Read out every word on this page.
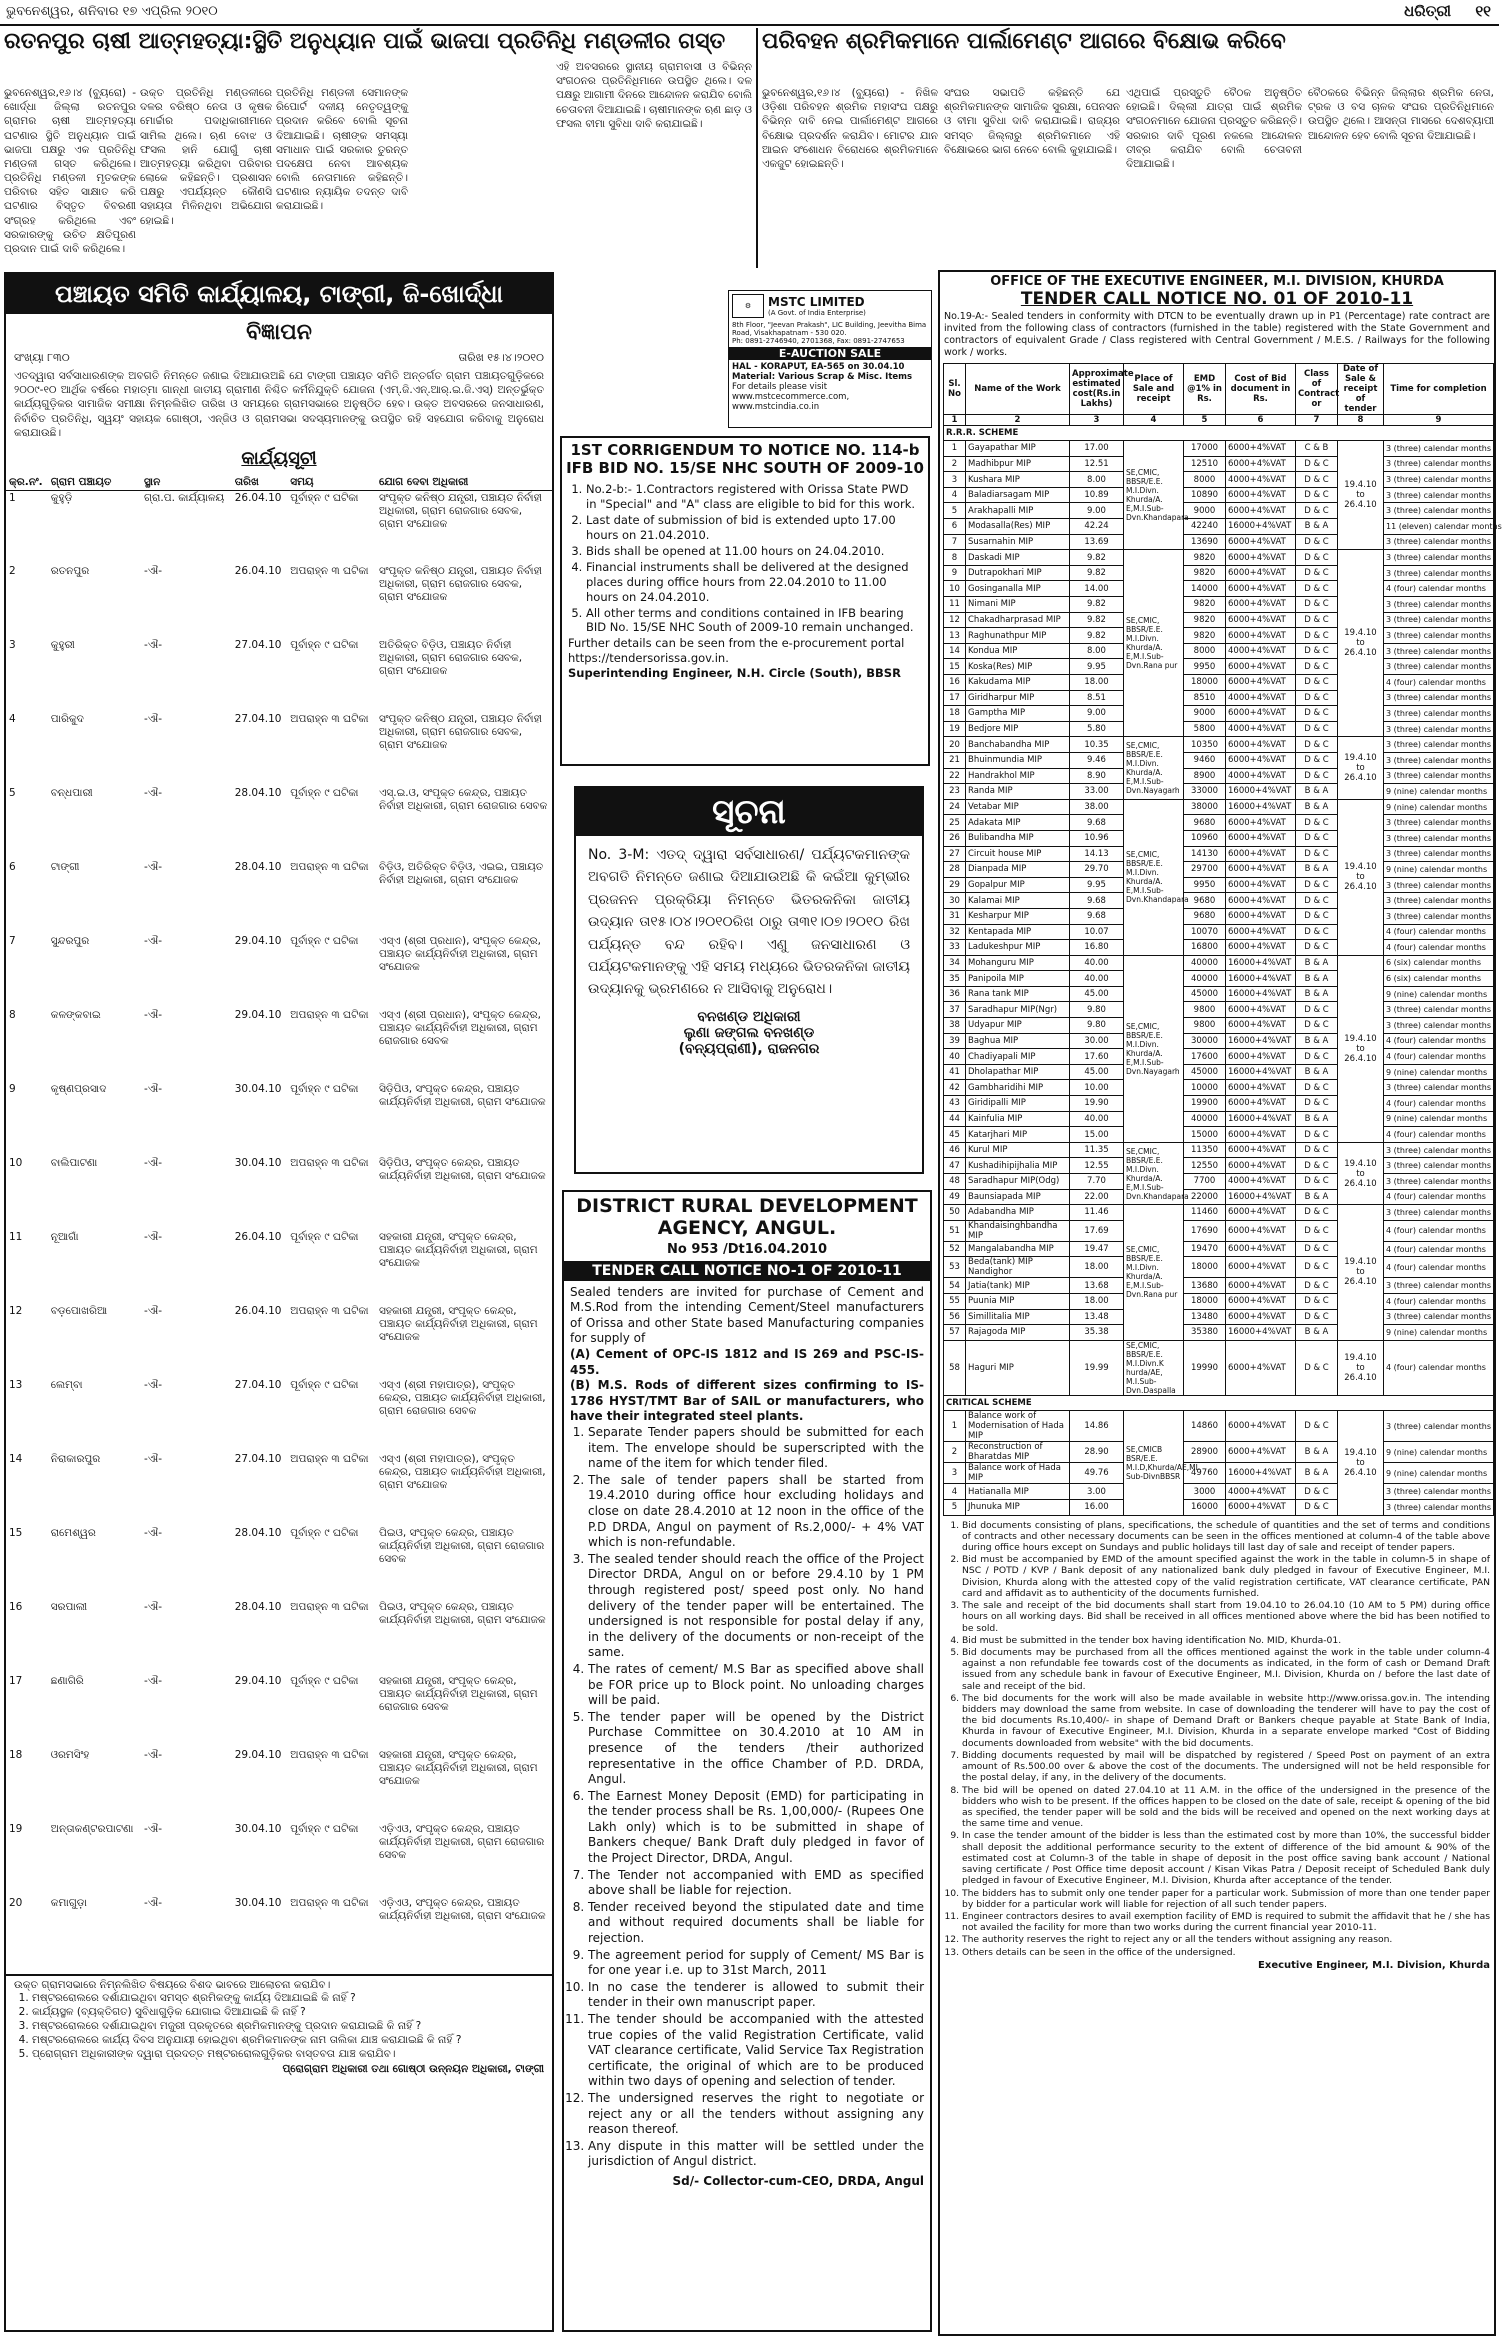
ଭୁବନେଶ୍ୱର, ଶନିବାର ୧୭ ଏପ୍ରିଲ ୨୦୧୦	ଧରିତ୍ରୀ ୧୧
ରତନପୁର ଚାଷୀ ଆତ୍ମହତ୍ୟା:ସ୍ଥିତି ଅନୁଧ୍ୟାନ ପାଇଁ ଭାଜପା ପ୍ରତିନିଧି ମଣ୍ଡଳୀର ଗସ୍ତ
ଭୁବନେଶ୍ୱର,୧୬।୪ (ବ୍ୟୁରୋ) - ଖୋର୍ଦ୍ଧା ଜିଲ୍ଲା ରତନପୁର ଗ୍ରାମର ଚାଷୀ ଆତ୍ମହତ୍ୟା ଘଟଣାର ସ୍ଥିତି ଅନୁଧ୍ୟାନ ପାଇଁ ଭାଜପା ପକ୍ଷରୁ ଏକ ପ୍ରତିନିଧି ମଣ୍ଡଳୀ ଗସ୍ତ କରିଥିଲେ। ପ୍ରତିନିଧି ମଣ୍ଡଳୀ ମୃତକଙ୍କ ପରିବାର ସହିତ ସାକ୍ଷାତ କରି ଘଟଣାର ବିସ୍ତୃତ ବିବରଣୀ ସଂଗ୍ରହ କରିଥିଲେ ଏବଂ ସରକାରଙ୍କୁ ଉଚିତ କ୍ଷତିପୂରଣ ପ୍ରଦାନ ପାଇଁ ଦାବି କରିଥିଲେ।
ଉକ୍ତ ପ୍ରତିନିଧି ମଣ୍ଡଳୀରେ ଦଳର ବରିଷ୍ଠ ନେତା ଓ କୃଷକ ମୋର୍ଚ୍ଚାର ପଦାଧିକାରୀମାନେ ସାମିଲ ଥିଲେ। ଋଣ ବୋଝ ଓ ଫସଲ ହାନି ଯୋଗୁଁ ଚାଷୀ ଆତ୍ମହତ୍ୟା କରିଥିବା ପରିବାର ଲୋକେ କହିଛନ୍ତି। ପ୍ରଶାସନ ପକ୍ଷରୁ ଏପର୍ଯ୍ୟନ୍ତ କୌଣସି ସହାୟତା ମିଳିନଥିବା ଅଭିଯୋଗ ହୋଇଛି।
ପ୍ରତିନିଧି ମଣ୍ଡଳୀ ସେମାନଙ୍କ ରିପୋର୍ଟ ଦଳୀୟ ନେତୃତ୍ୱଙ୍କୁ ପ୍ରଦାନ କରିବେ ବୋଲି ସୂଚନା ଦିଆଯାଇଛି। ଚାଷୀଙ୍କ ସମସ୍ୟା ସମାଧାନ ପାଇଁ ସରକାର ତୁରନ୍ତ ପଦକ୍ଷେପ ନେବା ଆବଶ୍ୟକ ବୋଲି ନେତାମାନେ କହିଛନ୍ତି। ଘଟଣାର ନ୍ୟାୟିକ ତଦନ୍ତ ଦାବି କରାଯାଇଛି।
ଏହି ଅବସରରେ ସ୍ଥାନୀୟ ଗ୍ରାମବାସୀ ଓ ବିଭିନ୍ନ ସଂଗଠନର ପ୍ରତିନିଧିମାନେ ଉପସ୍ଥିତ ଥିଲେ। ଦଳ ପକ୍ଷରୁ ଆଗାମୀ ଦିନରେ ଆନ୍ଦୋଳନ କରାଯିବ ବୋଲି ଚେତାବନୀ ଦିଆଯାଇଛି। ଚାଷୀମାନଙ୍କ ଋଣ ଛାଡ଼ ଓ ଫସଲ ବୀମା ସୁବିଧା ଦାବି କରାଯାଇଛି।
ପରିବହନ ଶ୍ରମିକମାନେ ପାର୍ଲାମେଣ୍ଟ ଆଗରେ ବିକ୍ଷୋଭ କରିବେ
ଭୁବନେଶ୍ୱର,୧୬।୪ (ବ୍ୟୁରୋ) - ନିଖିଳ ଓଡ଼ିଶା ପରିବହନ ଶ୍ରମିକ ମହାସଂଘ ପକ୍ଷରୁ ବିଭିନ୍ନ ଦାବି ନେଇ ପାର୍ଲାମେଣ୍ଟ ଆଗରେ ବିକ୍ଷୋଭ ପ୍ରଦର୍ଶନ କରାଯିବ। ମୋଟର ଯାନ ଆଇନ ସଂଶୋଧନ ବିରୋଧରେ ଶ୍ରମିକମାନେ ଏକଜୁଟ ହୋଇଛନ୍ତି।
ସଂଘର ସଭାପତି କହିଛନ୍ତି ଯେ ଶ୍ରମିକମାନଙ୍କ ସାମାଜିକ ସୁରକ୍ଷା, ପେନସନ ଓ ବୀମା ସୁବିଧା ଦାବି କରାଯାଇଛି। ରାଜ୍ୟର ସମସ୍ତ ଜିଲ୍ଲାରୁ ଶ୍ରମିକମାନେ ଏହି ବିକ୍ଷୋଭରେ ଭାଗ ନେବେ ବୋଲି କୁହାଯାଇଛି।
ଏଥିପାଇଁ ପ୍ରସ୍ତୁତି ବୈଠକ ଅନୁଷ୍ଠିତ ହୋଇଛି। ଦିଲ୍ଲୀ ଯାତ୍ରା ପାଇଁ ଶ୍ରମିକ ସଂଗଠନମାନେ ଯୋଜନା ପ୍ରସ୍ତୁତ କରିଛନ୍ତି। ସରକାର ଦାବି ପୂରଣ ନକଲେ ଆନ୍ଦୋଳନ ତୀବ୍ର କରାଯିବ ବୋଲି ଚେତାବନୀ ଦିଆଯାଇଛି।
ବୈଠକରେ ବିଭିନ୍ନ ଜିଲ୍ଲାର ଶ୍ରମିକ ନେତା, ଟ୍ରକ ଓ ବସ ଚାଳକ ସଂଘର ପ୍ରତିନିଧିମାନେ ଉପସ୍ଥିତ ଥିଲେ। ଆସନ୍ତା ମାସରେ ଦେଶବ୍ୟାପୀ ଆନ୍ଦୋଳନ ହେବ ବୋଲି ସୂଚନା ଦିଆଯାଇଛି।
ପଞ୍ଚାୟତ ସମିତି କାର୍ଯ୍ୟାଳୟ, ଟାଙ୍ଗୀ, ଜି-ଖୋର୍ଦ୍ଧା
ବିଜ୍ଞାପନ
ସଂଖ୍ୟା ୮୩୦	ତାରିଖ ୧୫।୪।୨୦୧୦
ଏତଦ୍ୱାରା ସର୍ବସାଧାରଣଙ୍କ ଅବଗତି ନିମନ୍ତେ ଜଣାଇ ଦିଆଯାଉଅଛି ଯେ ଟାଙ୍ଗୀ ପଞ୍ଚାୟତ ସମିତି ଅନ୍ତର୍ଗତ ଗ୍ରାମ ପଞ୍ଚାୟତଗୁଡ଼ିକରେ ୨୦୦୯-୧୦ ଆର୍ଥିକ ବର୍ଷରେ ମହାତ୍ମା ଗାନ୍ଧୀ ଜାତୀୟ ଗ୍ରାମୀଣ ନିଶ୍ଚିତ କର୍ମନିଯୁକ୍ତି ଯୋଜନା (ଏମ୍.ଜି.ଏନ୍.ଆର୍.ଇ.ଜି.ଏସ୍) ଅନ୍ତର୍ଭୁକ୍ତ କାର୍ଯ୍ୟଗୁଡ଼ିକର ସାମାଜିକ ସମୀକ୍ଷା ନିମ୍ନଲିଖିତ ତାରିଖ ଓ ସମୟରେ ଗ୍ରାମସଭାରେ ଅନୁଷ୍ଠିତ ହେବ। ଉକ୍ତ ଅବସରରେ ଜନସାଧାରଣ, ନିର୍ବାଚିତ ପ୍ରତିନିଧି, ସ୍ୱୟଂ ସହାୟକ ଗୋଷ୍ଠୀ, ଏନ୍‌ଜିଓ ଓ ଗ୍ରାମସଭା ସଦସ୍ୟମାନଙ୍କୁ ଉପସ୍ଥିତ ରହି ସହଯୋଗ କରିବାକୁ ଅନୁରୋଧ କରାଯାଉଛି।
କାର୍ଯ୍ୟସୂଚୀ
କ୍ର.ନଂ.	ଗ୍ରାମ ପଞ୍ଚାୟତ	ସ୍ଥାନ	ତାରିଖ	ସମୟ	ଯୋଗ ଦେବା ଅଧିକାରୀ
1	କୁହୁଡ଼ି	ଗ୍ରା.ପ. କାର୍ଯ୍ୟାଳୟ	26.04.10	ପୂର୍ବାହ୍ନ ୯ ଘଟିକା	ସଂପୃକ୍ତ କନିଷ୍ଠ ଯନ୍ତ୍ରୀ, ପଞ୍ଚାୟତ ନିର୍ବାହୀ ଅଧିକାରୀ, ଗ୍ରାମ ରୋଜଗାର ସେବକ, ଗ୍ରାମ ସଂଯୋଜକ
2	ରତନପୁର	-ଐ-	26.04.10	ଅପରାହ୍ନ ୩ ଘଟିକା	ସଂପୃକ୍ତ କନିଷ୍ଠ ଯନ୍ତ୍ରୀ, ପଞ୍ଚାୟତ ନିର୍ବାହୀ ଅଧିକାରୀ, ଗ୍ରାମ ରୋଜଗାର ସେବକ, ଗ୍ରାମ ସଂଯୋଜକ
3	କୁହୁରୀ	-ଐ-	27.04.10	ପୂର୍ବାହ୍ନ ୯ ଘଟିକା	ଅତିରିକ୍ତ ବିଡ଼ିଓ, ପଞ୍ଚାୟତ ନିର୍ବାହୀ ଅଧିକାରୀ, ଗ୍ରାମ ରୋଜଗାର ସେବକ, ଗ୍ରାମ ସଂଯୋଜକ
4	ପାରିକୁଦ	-ଐ-	27.04.10	ଅପରାହ୍ନ ୩ ଘଟିକା	ସଂପୃକ୍ତ କନିଷ୍ଠ ଯନ୍ତ୍ରୀ, ପଞ୍ଚାୟତ ନିର୍ବାହୀ ଅଧିକାରୀ, ଗ୍ରାମ ରୋଜଗାର ସେବକ, ଗ୍ରାମ ସଂଯୋଜକ
5	ବନ୍ଧପାରୀ	-ଐ-	28.04.10	ପୂର୍ବାହ୍ନ ୯ ଘଟିକା	ଏସ୍.ଇ.ଓ, ସଂପୃକ୍ତ କେନ୍ଦ୍ର, ପଞ୍ଚାୟତ ନିର୍ବାହୀ ଅଧିକାରୀ, ଗ୍ରାମ ରୋଜଗାର ସେବକ
6	ଟାଙ୍ଗୀ	-ଐ-	28.04.10	ଅପରାହ୍ନ ୩ ଘଟିକା	ବିଡ଼ିଓ, ଅତିରିକ୍ତ ବିଡ଼ିଓ, ଏଇଇ, ପଞ୍ଚାୟତ ନିର୍ବାହୀ ଅଧିକାରୀ, ଗ୍ରାମ ସଂଯୋଜକ
7	ସୁନ୍ଦରପୁର	-ଐ-	29.04.10	ପୂର୍ବାହ୍ନ ୯ ଘଟିକା	ଏସ୍ଏ (ଶ୍ରୀ ପ୍ରଧାନ), ସଂପୃକ୍ତ କେନ୍ଦ୍ର, ପଞ୍ଚାୟତ କାର୍ଯ୍ୟନିର୍ବାହୀ ଅଧିକାରୀ, ଗ୍ରାମ ସଂଯୋଜକ
8	କଳଙ୍କବାଇ	-ଐ-	29.04.10	ଅପରାହ୍ନ ୩ ଘଟିକା	ଏସ୍ଏ (ଶ୍ରୀ ପ୍ରଧାନ), ସଂପୃକ୍ତ କେନ୍ଦ୍ର, ପଞ୍ଚାୟତ କାର୍ଯ୍ୟନିର୍ବାହୀ ଅଧିକାରୀ, ଗ୍ରାମ ରୋଜଗାର ସେବକ
9	କୃଷ୍ଣପ୍ରସାଦ	-ଐ-	30.04.10	ପୂର୍ବାହ୍ନ ୯ ଘଟିକା	ସିଡ଼ିପିଓ, ସଂପୃକ୍ତ କେନ୍ଦ୍ର, ପଞ୍ଚାୟତ କାର୍ଯ୍ୟନିର୍ବାହୀ ଅଧିକାରୀ, ଗ୍ରାମ ସଂଯୋଜକ
10	ବାଲିପାଟଣା	-ଐ-	30.04.10	ଅପରାହ୍ନ ୩ ଘଟିକା	ସିଡ଼ିପିଓ, ସଂପୃକ୍ତ କେନ୍ଦ୍ର, ପଞ୍ଚାୟତ କାର୍ଯ୍ୟନିର୍ବାହୀ ଅଧିକାରୀ, ଗ୍ରାମ ସଂଯୋଜକ
11	ନୂଆଗାଁ	-ଐ-	26.04.10	ପୂର୍ବାହ୍ନ ୯ ଘଟିକା	ସହକାରୀ ଯନ୍ତ୍ରୀ, ସଂପୃକ୍ତ କେନ୍ଦ୍ର, ପଞ୍ଚାୟତ କାର୍ଯ୍ୟନିର୍ବାହୀ ଅଧିକାରୀ, ଗ୍ରାମ ସଂଯୋଜକ
12	ବଡ଼ପୋଖରିଆ	-ଐ-	26.04.10	ଅପରାହ୍ନ ୩ ଘଟିକା	ସହକାରୀ ଯନ୍ତ୍ରୀ, ସଂପୃକ୍ତ କେନ୍ଦ୍ର, ପଞ୍ଚାୟତ କାର୍ଯ୍ୟନିର୍ବାହୀ ଅଧିକାରୀ, ଗ୍ରାମ ସଂଯୋଜକ
13	ଲେମ୍ବା	-ଐ-	27.04.10	ପୂର୍ବାହ୍ନ ୯ ଘଟିକା	ଏସ୍ଏ (ଶ୍ରୀ ମହାପାତ୍ର), ସଂପୃକ୍ତ କେନ୍ଦ୍ର, ପଞ୍ଚାୟତ କାର୍ଯ୍ୟନିର୍ବାହୀ ଅଧିକାରୀ, ଗ୍ରାମ ରୋଜଗାର ସେବକ
14	ନିରାକାରପୁର	-ଐ-	27.04.10	ଅପରାହ୍ନ ୩ ଘଟିକା	ଏସ୍ଏ (ଶ୍ରୀ ମହାପାତ୍ର), ସଂପୃକ୍ତ କେନ୍ଦ୍ର, ପଞ୍ଚାୟତ କାର୍ଯ୍ୟନିର୍ବାହୀ ଅଧିକାରୀ, ଗ୍ରାମ ସଂଯୋଜକ
15	ରାମେଶ୍ୱର	-ଐ-	28.04.10	ପୂର୍ବାହ୍ନ ୯ ଘଟିକା	ପିଇଓ, ସଂପୃକ୍ତ କେନ୍ଦ୍ର, ପଞ୍ଚାୟତ କାର୍ଯ୍ୟନିର୍ବାହୀ ଅଧିକାରୀ, ଗ୍ରାମ ରୋଜଗାର ସେବକ
16	ସରପାଲୀ	-ଐ-	28.04.10	ଅପରାହ୍ନ ୩ ଘଟିକା	ପିଇଓ, ସଂପୃକ୍ତ କେନ୍ଦ୍ର, ପଞ୍ଚାୟତ କାର୍ଯ୍ୟନିର୍ବାହୀ ଅଧିକାରୀ, ଗ୍ରାମ ସଂଯୋଜକ
17	ଛଣାଗିରି	-ଐ-	29.04.10	ପୂର୍ବାହ୍ନ ୯ ଘଟିକା	ସହକାରୀ ଯନ୍ତ୍ରୀ, ସଂପୃକ୍ତ କେନ୍ଦ୍ର, ପଞ୍ଚାୟତ କାର୍ଯ୍ୟନିର୍ବାହୀ ଅଧିକାରୀ, ଗ୍ରାମ ରୋଜଗାର ସେବକ
18	ଓରମସିଂହ	-ଐ-	29.04.10	ଅପରାହ୍ନ ୩ ଘଟିକା	ସହକାରୀ ଯନ୍ତ୍ରୀ, ସଂପୃକ୍ତ କେନ୍ଦ୍ର, ପଞ୍ଚାୟତ କାର୍ଯ୍ୟନିର୍ବାହୀ ଅଧିକାରୀ, ଗ୍ରାମ ସଂଯୋଜକ
19	ଅନ୍ତାକଣ୍ଟରପାଟଣା	-ଐ-	30.04.10	ପୂର୍ବାହ୍ନ ୯ ଘଟିକା	ଏଡ଼ିଏଓ, ସଂପୃକ୍ତ କେନ୍ଦ୍ର, ପଞ୍ଚାୟତ କାର୍ଯ୍ୟନିର୍ବାହୀ ଅଧିକାରୀ, ଗ୍ରାମ ରୋଜଗାର ସେବକ
20	କମାଗୁଡ଼ା	-ଐ-	30.04.10	ଅପରାହ୍ନ ୩ ଘଟିକା	ଏଡ଼ିଏଓ, ସଂପୃକ୍ତ କେନ୍ଦ୍ର, ପଞ୍ଚାୟତ କାର୍ଯ୍ୟନିର୍ବାହୀ ଅଧିକାରୀ, ଗ୍ରାମ ସଂଯୋଜକ
ଉକ୍ତ ଗ୍ରାମସଭାରେ ନିମ୍ନଲିଖିତ ବିଷୟରେ ବିଶଦ ଭାବରେ ଆଲୋଚନା କରାଯିବ।
1. ମଷ୍ଟରରୋଲରେ ଦର୍ଶାଯାଇଥିବା ସମସ୍ତ ଶ୍ରମିକଙ୍କୁ କାର୍ଯ୍ୟ ଦିଆଯାଇଛି କି ନାହିଁ ?
2. କାର୍ଯ୍ୟସ୍ଥଳ (ବ୍ୟକ୍ତିଗତ) ସୁବିଧାଗୁଡ଼ିକ ଯୋଗାଇ ଦିଆଯାଇଛି କି ନାହିଁ ?
3. ମଷ୍ଟରରୋଲରେ ଦର୍ଶାଯାଇଥିବା ମଜୁରୀ ପ୍ରକୃତରେ ଶ୍ରମିକମାନଙ୍କୁ ପ୍ରଦାନ କରାଯାଇଛି କି ନାହିଁ ?
4. ମଷ୍ଟରରୋଲରେ କାର୍ଯ୍ୟ ଦିବସ ଅନୁଯାୟୀ ହୋଇଥିବା ଶ୍ରମିକମାନଙ୍କ ନାମ ତାଲିକା ଯାଞ୍ଚ କରାଯାଇଛି କି ନାହିଁ ?
5. ପ୍ରୋଗ୍ରାମ ଅଧିକାରୀଙ୍କ ଦ୍ୱାରା ପ୍ରଦତ୍ତ ମଷ୍ଟରରୋଲଗୁଡ଼ିକର ବାସ୍ତବତା ଯାଞ୍ଚ କରାଯିବ।
ପ୍ରୋଗ୍ରାମ ଅଧିକାରୀ ତଥା ଗୋଷ୍ଠୀ ଉନ୍ନୟନ ଅଧିକାରୀ, ଟାଙ୍ଗୀ
⚙	MSTC LIMITED
(A Govt. of India Enterprise)
8th Floor, "Jeevan Prakash", LIC Building, Jeevitha Bima Road, Visakhapatnam - 530 020.
Ph: 0891-2746940, 2701368, Fax: 0891-2747653
E-AUCTION SALE
HAL - KORAPUT, EA-565 on 30.04.10 Material: Various Scrap & Misc. Items
For details please visit www.mstcecommerce.com, www.mstcindia.co.in
1ST CORRIGENDUM TO NOTICE NO. 114-b IFB BID NO. 15/SE NHC SOUTH OF 2009-10
1. No.2-b:- 1.Contractors registered with Orissa State PWD in "Special" and "A" class are eligible to bid for this work.
2. Last date of submission of bid is extended upto 17.00 hours on 21.04.2010.
3. Bids shall be opened at 11.00 hours on 24.04.2010.
4. Financial instruments shall be delivered at the designed places during office hours from 22.04.2010 to 11.00 hours on 24.04.2010.
5. All other terms and conditions contained in IFB bearing BID No. 15/SE NHC South of 2009-10 remain unchanged.
Further details can be seen from the e-procurement portal https://tendersorissa.gov.in.
Superintending Engineer, N.H. Circle (South), BBSR
ସୂଚନା
No. 3-M: ଏତଦ୍ ଦ୍ୱାରା ସର୍ବସାଧାରଣ/ ପର୍ଯ୍ୟଟକମାନଙ୍କ ଅବଗତି ନିମନ୍ତେ ଜଣାଇ ଦିଆଯାଉଅଛି କି କଇଁଆ କୁମ୍ଭୀର ପ୍ରଜନନ ପ୍ରକ୍ରିୟା ନିମନ୍ତେ ଭିତରକନିକା ଜାତୀୟ ଉଦ୍ୟାନ ତା୧୫।୦୪।୨୦୧୦ରିଖ ଠାରୁ ତା୩୧।୦୭।୨୦୧୦ ରିଖ ପର୍ଯ୍ୟନ୍ତ ବନ୍ଦ ରହିବ। ଏଣୁ ଜନସାଧାରଣ ଓ ପର୍ଯ୍ୟଟକମାନଙ୍କୁ ଏହି ସମୟ ମଧ୍ୟରେ ଭିତରକନିକା ଜାତୀୟ ଉଦ୍ୟାନକୁ ଭ୍ରମଣରେ ନ ଆସିବାକୁ ଅନୁରୋଧ।
ବନଖଣ୍ଡ ଅଧିକାରୀ
ଲୁଣା ଜଙ୍ଗଲ ବନଖଣ୍ଡ
(ବନ୍ୟପ୍ରାଣୀ), ରାଜନଗର
DISTRICT RURAL DEVELOPMENT AGENCY, ANGUL.
No 953 /Dt16.04.2010
TENDER CALL NOTICE NO-1 OF 2010-11
Sealed tenders are invited for purchase of Cement and M.S.Rod from the intending Cement/Steel manufacturers of Orissa and other State based Manufacturing companies for supply of
(A) Cement of OPC-IS 1812 and IS 269 and PSC-IS-455.
(B) M.S. Rods of different sizes confirming to IS-1786 HYST/TMT Bar of SAIL or manufacturers, who have their integrated steel plants.
1. Separate Tender papers should be submitted for each item. The envelope should be superscripted with the name of the item for which tender filed.
2. The sale of tender papers shall be started from 19.4.2010 during office hour excluding holidays and close on date 28.4.2010 at 12 noon in the office of the P.D DRDA, Angul on payment of Rs.2,000/- + 4% VAT which is non-refundable.
3. The sealed tender should reach the office of the Project Director DRDA, Angul on or before 29.4.10 by 1 PM through registered post/ speed post only. No hand delivery of the tender paper will be entertained. The undersigned is not responsible for postal delay if any, in the delivery of the documents or non-receipt of the same.
4. The rates of cement/ M.S Bar as specified above shall be FOR price up to Block point. No unloading charges will be paid.
5. The tender paper will be opened by the District Purchase Committee on 30.4.2010 at 10 AM in presence of the tenders /their authorized representative in the office Chamber of P.D. DRDA, Angul.
6. The Earnest Money Deposit (EMD) for participating in the tender process shall be Rs. 1,00,000/- (Rupees One Lakh only) which is to be submitted in shape of Bankers cheque/ Bank Draft duly pledged in favor of the Project Director, DRDA, Angul.
7. The Tender not accompanied with EMD as specified above shall be liable for rejection.
8. Tender received beyond the stipulated date and time and without required documents shall be liable for rejection.
9. The agreement period for supply of Cement/ MS Bar is for one year i.e. up to 31st March, 2011
10. In no case the tenderer is allowed to submit their tender in their own manuscript paper.
11. The tender should be accompanied with the attested true copies of the valid Registration Certificate, valid VAT clearance certificate, Valid Service Tax Registration certificate, the original of which are to be produced within two days of opening and selection of tender.
12. The undersigned reserves the right to negotiate or reject any or all the tenders without assigning any reason thereof.
13. Any dispute in this matter will be settled under the jurisdiction of Angul district.
Sd/- Collector-cum-CEO, DRDA, Angul
OFFICE OF THE EXECUTIVE ENGINEER, M.I. DIVISION, KHURDA
TENDER CALL NOTICE NO. 01 OF 2010-11
No.19-A:- Sealed tenders in conformity with DTCN to be eventually drawn up in P1 (Percentage) rate contract are invited from the following class of contractors (furnished in the table) registered with the State Government and contractors of equivalent Grade / Class registered with Central Government / M.E.S. / Railways for the following work / works.
Sl. No	Name of the Work	Approximate estimated cost(Rs.in Lakhs)	Place of Sale and receipt	EMD @1% in Rs.	Cost of Bid document in Rs.	Class of Contract or	Date of Sale & receipt of tender	Time for completion
1	2	3	4	5	6	7	8	9
R.R.R. SCHEME								
1	Gayapathar MIP	17.00	SE,CMIC, BBSR/E.E. M.I.Divn. Khurda/A. E,M.I.Sub-Dvn.Khandapara	17000	6000+4%VAT	C & B	19.4.10 to 26.4.10	3 (three) calendar months
2	Madhibpur MIP	12.51		12510	6000+4%VAT	D & C		3 (three) calendar months
3	Kushara MIP	8.00		8000	4000+4%VAT	D & C		3 (three) calendar months
4	Baladiarsagam MIP	10.89		10890	6000+4%VAT	D & C		3 (three) calendar months
5	Arakhapalli MIP	9.00		9000	6000+4%VAT	D & C		3 (three) calendar months
6	Modasalla(Res) MIP	42.24		42240	16000+4%VAT	B & A		11 (eleven) calendar months
7	Susarnahin MIP	13.69		13690	6000+4%VAT	D & C		3 (three) calendar months
8	Daskadi MIP	9.82	SE,CMIC, BBSR/E.E. M.I.Divn. Khurda/A. E,M.I.Sub-Dvn.Rana pur	9820	6000+4%VAT	D & C	19.4.10 to 26.4.10	3 (three) calendar months
9	Dutrapokhari MIP	9.82		9820	6000+4%VAT	D & C		3 (three) calendar months
10	Gosinganalla MIP	14.00		14000	6000+4%VAT	D & C		4 (four) calendar months
11	Nimani MIP	9.82		9820	6000+4%VAT	D & C		3 (three) calendar months
12	Chakadharprasad MIP	9.82		9820	6000+4%VAT	D & C		3 (three) calendar months
13	Raghunathpur MIP	9.82		9820	6000+4%VAT	D & C		3 (three) calendar months
14	Kondua MIP	8.00		8000	4000+4%VAT	D & C		3 (three) calendar months
15	Koska(Res) MIP	9.95		9950	6000+4%VAT	D & C		3 (three) calendar months
16	Kakudama MIP	18.00		18000	6000+4%VAT	D & C		4 (four) calendar months
17	Giridharpur MIP	8.51		8510	4000+4%VAT	D & C		3 (three) calendar months
18	Gamptha MIP	9.00		9000	6000+4%VAT	D & C		3 (three) calendar months
19	Bedjore MIP	5.80		5800	4000+4%VAT	D & C		3 (three) calendar months
20	Banchabandha MIP	10.35	SE,CMIC, BBSR/E.E. M.I.Divn. Khurda/A. E,M.I.Sub-Dvn.Nayagarh	10350	6000+4%VAT	D & C	19.4.10 to 26.4.10	3 (three) calendar months
21	Bhuinmundia MIP	9.46		9460	6000+4%VAT	D & C		3 (three) calendar months
22	Handrakhol MIP	8.90		8900	4000+4%VAT	D & C		3 (three) calendar months
23	Randa MIP	33.00		33000	16000+4%VAT	B & A		9 (nine) calendar months
24	Vetabar MIP	38.00	SE,CMIC, BBSR/E.E. M.I.Divn. Khurda/A. E,M.I.Sub-Dvn.Khandapara	38000	16000+4%VAT	B & A	19.4.10 to 26.4.10	9 (nine) calendar months
25	Adakata MIP	9.68		9680	6000+4%VAT	D & C		3 (three) calendar months
26	Bulibandha MIP	10.96		10960	6000+4%VAT	D & C		3 (three) calendar months
27	Circuit house MIP	14.13		14130	6000+4%VAT	D & C		3 (three) calendar months
28	Dianpada MIP	29.70		29700	6000+4%VAT	B & A		9 (nine) calendar months
29	Gopalpur MIP	9.95		9950	6000+4%VAT	D & C		3 (three) calendar months
30	Kalamai MIP	9.68		9680	6000+4%VAT	D & C		3 (three) calendar months
31	Kesharpur MIP	9.68		9680	6000+4%VAT	D & C		3 (three) calendar months
32	Kentapada MIP	10.07		10070	6000+4%VAT	D & C		4 (four) calendar months
33	Ladukeshpur MIP	16.80		16800	6000+4%VAT	D & C		4 (four) calendar months
34	Mohanguru MIP	40.00	SE,CMIC, BBSR/E.E. M.I.Divn. Khurda/A. E,M.I.Sub-Dvn.Nayagarh	40000	16000+4%VAT	B & A	19.4.10 to 26.4.10	6 (six) calendar months
35	Panipoila MIP	40.00		40000	16000+4%VAT	B & A		6 (six) calendar months
36	Rana tank MIP	45.00		45000	16000+4%VAT	B & A		9 (nine) calendar months
37	Saradhapur MIP(Ngr)	9.80		9800	6000+4%VAT	D & C		3 (three) calendar months
38	Udyapur MIP	9.80		9800	6000+4%VAT	D & C		3 (three) calendar months
39	Baghua MIP	30.00		30000	16000+4%VAT	B & A		4 (four) calendar months
40	Chadiyapali MIP	17.60		17600	6000+4%VAT	D & C		4 (four) calendar months
41	Dholapathar MIP	45.00		45000	16000+4%VAT	B & A		9 (nine) calendar months
42	Gambharidihi MIP	10.00		10000	6000+4%VAT	D & C		3 (three) calendar months
43	Giridipalli MIP	19.90		19900	6000+4%VAT	D & C		4 (four) calendar months
44	Kainfulia MIP	40.00		40000	16000+4%VAT	B & A		9 (nine) calendar months
45	Katarjhari MIP	15.00		15000	6000+4%VAT	D & C		4 (four) calendar months
46	Kurul MIP	11.35	SE,CMIC, BBSR/E.E. M.I.Divn. Khurda/A. E,M.I.Sub-Dvn.Khandapara	11350	6000+4%VAT	D & C	19.4.10 to 26.4.10	3 (three) calendar months
47	Kushadihipijhalia MIP	12.55		12550	6000+4%VAT	D & C		3 (three) calendar months
48	Saradhapur MIP(Odg)	7.70		7700	4000+4%VAT	D & C		3 (three) calendar months
49	Baunsiapada MIP	22.00		22000	16000+4%VAT	B & A		4 (four) calendar months
50	Adabandha MIP	11.46	SE,CMIC, BBSR/E.E. M.I.Divn. Khurda/A. E,M.I.Sub-Dvn.Rana pur	11460	6000+4%VAT	D & C	19.4.10 to 26.4.10	3 (three) calendar months
51	Khandaisinghbandha MIP	17.69		17690	6000+4%VAT	D & C		4 (four) calendar months
52	Mangalabandha MIP	19.47		19470	6000+4%VAT	D & C		4 (four) calendar months
53	Beda(tank) MIP Nandighor	18.00		18000	6000+4%VAT	D & C		4 (four) calendar months
54	Jatia(tank) MIP	13.68		13680	6000+4%VAT	D & C		3 (three) calendar months
55	Puunia MIP	18.00		18000	6000+4%VAT	D & C		4 (four) calendar months
56	Simillitalia MIP	13.48		13480	6000+4%VAT	D & C		3 (three) calendar months
57	Rajagoda MIP	35.38		35380	16000+4%VAT	B & A		9 (nine) calendar months
58	Haguri MIP	19.99	SE,CMIC, BBSR/E.E. M.I.Divn.K hurda/AE, M.I.Sub-Dvn.Daspalla	19990	6000+4%VAT	D & C	19.4.10 to 26.4.10	4 (four) calendar months
CRITICAL SCHEME								
1	Balance work of Modernisation of Hada MIP	14.86	SE,CMICB BSR/E.E. M.I.D,Khurda/AE,MI. Sub-DivnBBSR	14860	6000+4%VAT	D & C	19.4.10 to 26.4.10	3 (three) calendar months
2	Reconstruction of Bharatdas MIP	28.90		28900	6000+4%VAT	B & A		9 (nine) calendar months
3	Balance work of Hada MIP	49.76		49760	16000+4%VAT	B & A		9 (nine) calendar months
4	Hatianalla MIP	3.00		3000	4000+4%VAT	D & C		3 (three) calendar months
5	Jhunuka MIP	16.00		16000	6000+4%VAT	D & C		3 (three) calendar months
1. Bid documents consisting of plans, specifications, the schedule of quantities and the set of terms and conditions of contracts and other necessary documents can be seen in the offices mentioned at column-4 of the table above during office hours except on Sundays and public holidays till last day of sale and receipt of tender papers.
2. Bid must be accompanied by EMD of the amount specified against the work in the table in column-5 in shape of NSC / POTD / KVP / Bank deposit of any nationalized bank duly pledged in favour of Executive Engineer, M.I. Division, Khurda along with the attested copy of the valid registration certificate, VAT clearance certificate, PAN card and affidavit as to authenticity of the documents furnished.
3. The sale and receipt of the bid documents shall start from 19.04.10 to 26.04.10 (10 AM to 5 PM) during office hours on all working days. Bid shall be received in all offices mentioned above where the bid has been notified to be sold.
4. Bid must be submitted in the tender box having identification No. MID, Khurda-01.
5. Bid documents may be purchased from all the offices mentioned against the work in the table under column-4 against a non refundable fee towards cost of the documents as indicated, in the form of cash or Demand Draft issued from any schedule bank in favour of Executive Engineer, M.I. Division, Khurda on / before the last date of sale and receipt of the bid.
6. The bid documents for the work will also be made available in website http://www.orissa.gov.in. The intending bidders may download the same from website. In case of downloading the tenderer will have to pay the cost of the bid documents Rs.10,400/- in shape of Demand Draft or Bankers cheque payable at State Bank of India, Khurda in favour of Executive Engineer, M.I. Division, Khurda in a separate envelope marked "Cost of Bidding documents downloaded from website" with the bid documents.
7. Bidding documents requested by mail will be dispatched by registered / Speed Post on payment of an extra amount of Rs.500.00 over & above the cost of the documents. The undersigned will not be held responsible for the postal delay, if any, in the delivery of the documents.
8. The bid will be opened on dated 27.04.10 at 11 A.M. in the office of the undersigned in the presence of the bidders who wish to be present. If the offices happen to be closed on the date of sale, receipt & opening of the bid as specified, the tender paper will be sold and the bids will be received and opened on the next working days at the same time and venue.
9. In case the tender amount of the bidder is less than the estimated cost by more than 10%, the successful bidder shall deposit the additional performance security to the extent of difference of the bid amount & 90% of the estimated cost at Column-3 of the table in shape of deposit in the post office saving bank account / National saving certificate / Post Office time deposit account / Kisan Vikas Patra / Deposit receipt of Scheduled Bank duly pledged in favour of Executive Engineer, M.I. Division, Khurda after acceptance of the tender.
10. The bidders has to submit only one tender paper for a particular work. Submission of more than one tender paper by bidder for a particular work will liable for rejection of all such tender papers.
11. Engineer contractors desires to avail exemption facility of EMD is required to submit the affidavit that he / she has not availed the facility for more than two works during the current financial year 2010-11.
12. The authority reserves the right to reject any or all the tenders without assigning any reason.
13. Others details can be seen in the office of the undersigned.
Executive Engineer, M.I. Division, Khurda
